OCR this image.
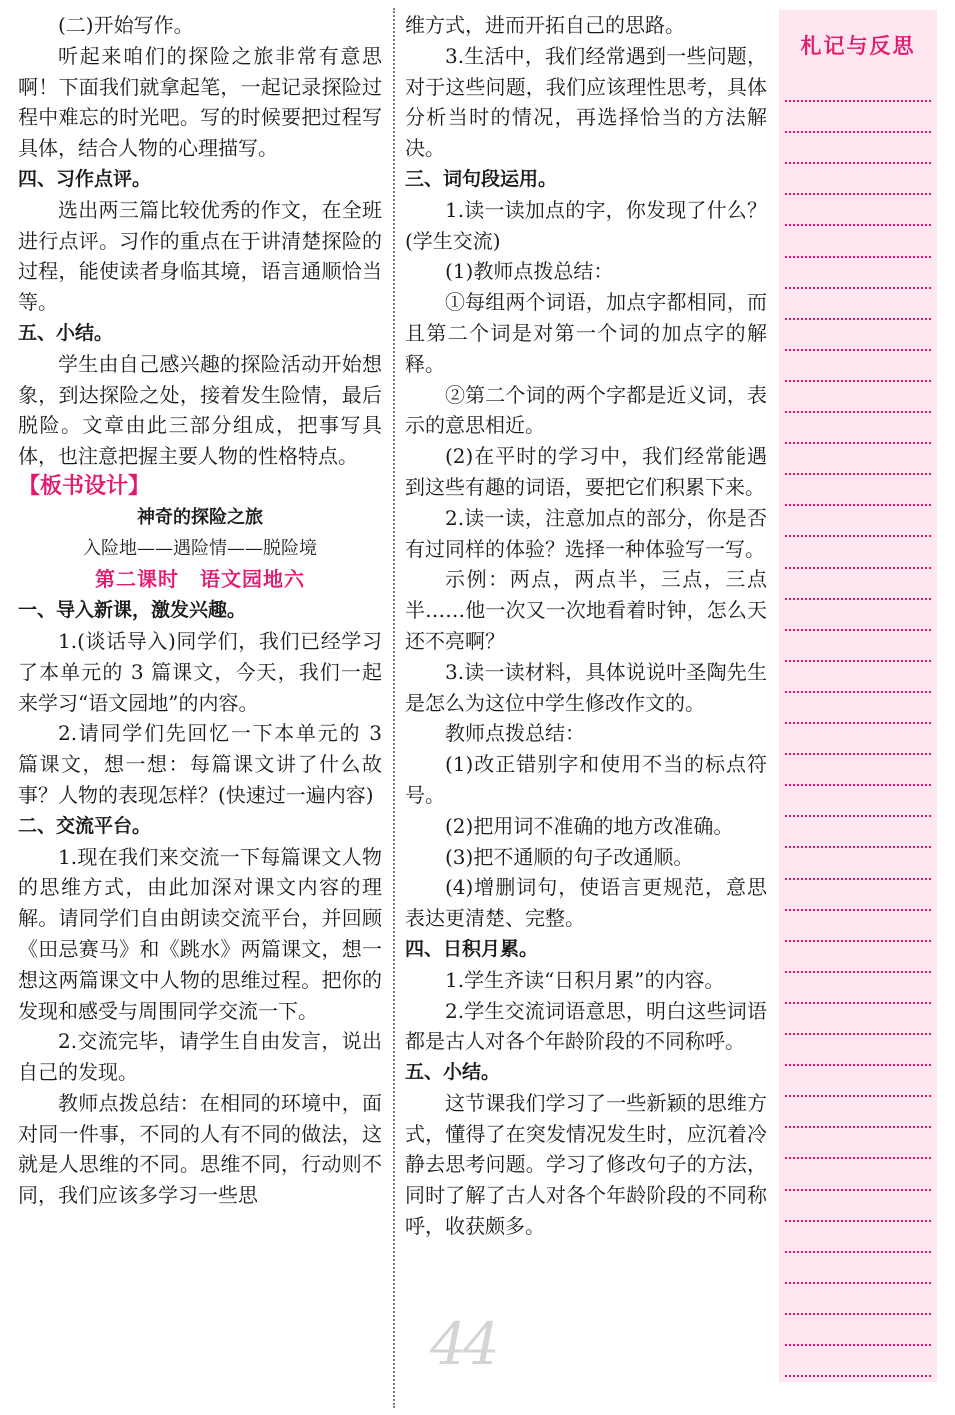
(二)开始写作。

听起来咱们的探险之旅非常有意思啊！下面我们就拿起笔，一起记录探险过程中难忘的时光吧。写的时候要把过程写具体，结合人物的心理描写。

四、习作点评。

选出两三篇比较优秀的作文，在全班进行点评。习作的重点在于讲清楚探险的过程，能使读者身临其境，语言通顺恰当等。

五、小结。

学生由自己感兴趣的探险活动开始想象，到达探险之处，接着发生险情，最后脱险。文章由此三部分组成，把事写具体，也注意把握主要人物的性格特点。

【板书设计】

神奇的探险之旅

入险地——遇险情——脱险境

第二课时　语文园地六

一、导入新课，激发兴趣。

1.(谈话导入)同学们，我们已经学习了本单元的 3 篇课文，今天，我们一起来学习“语文园地”的内容。

2.请同学们先回忆一下本单元的 3 篇课文，想一想：每篇课文讲了什么故事？人物的表现怎样？(快速过一遍内容)

二、交流平台。

1.现在我们来交流一下每篇课文人物的思维方式，由此加深对课文内容的理解。请同学们自由朗读交流平台，并回顾《田忌赛马》和《跳水》两篇课文，想一想这两篇课文中人物的思维过程。把你的发现和感受与周围同学交流一下。

2.交流完毕，请学生自由发言，说出自己的发现。

教师点拨总结：在相同的环境中，面对同一件事，不同的人有不同的做法，这就是人思维的不同。思维不同，行动则不同，我们应该多学习一些思

维方式，进而开拓自己的思路。

3.生活中，我们经常遇到一些问题，对于这些问题，我们应该理性思考，具体分析当时的情况，再选择恰当的方法解决。

三、词句段运用。

1.读一读加点的字，你发现了什么？(学生交流)

(1)教师点拨总结：

①每组两个词语，加点字都相同，而且第二个词是对第一个词的加点字的解释。

②第二个词的两个字都是近义词，表示的意思相近。

(2)在平时的学习中，我们经常能遇到这些有趣的词语，要把它们积累下来。

2.读一读，注意加点的部分，你是否有过同样的体验？选择一种体验写一写。

示例：两点，两点半，三点，三点半……他一次又一次地看着时钟，怎么天还不亮啊？

3.读一读材料，具体说说叶圣陶先生是怎么为这位中学生修改作文的。

教师点拨总结：

(1)改正错别字和使用不当的标点符号。

(2)把用词不准确的地方改准确。

(3)把不通顺的句子改通顺。

(4)增删词句，使语言更规范，意思表达更清楚、完整。

四、日积月累。

1.学生齐读“日积月累”的内容。

2.学生交流词语意思，明白这些词语都是古人对各个年龄阶段的不同称呼。

五、小结。

这节课我们学习了一些新颖的思维方式，懂得了在突发情况发生时，应沉着冷静去思考问题。学习了修改句子的方法，同时了解了古人对各个年龄阶段的不同称呼，收获颇多。

札记与反思
44
